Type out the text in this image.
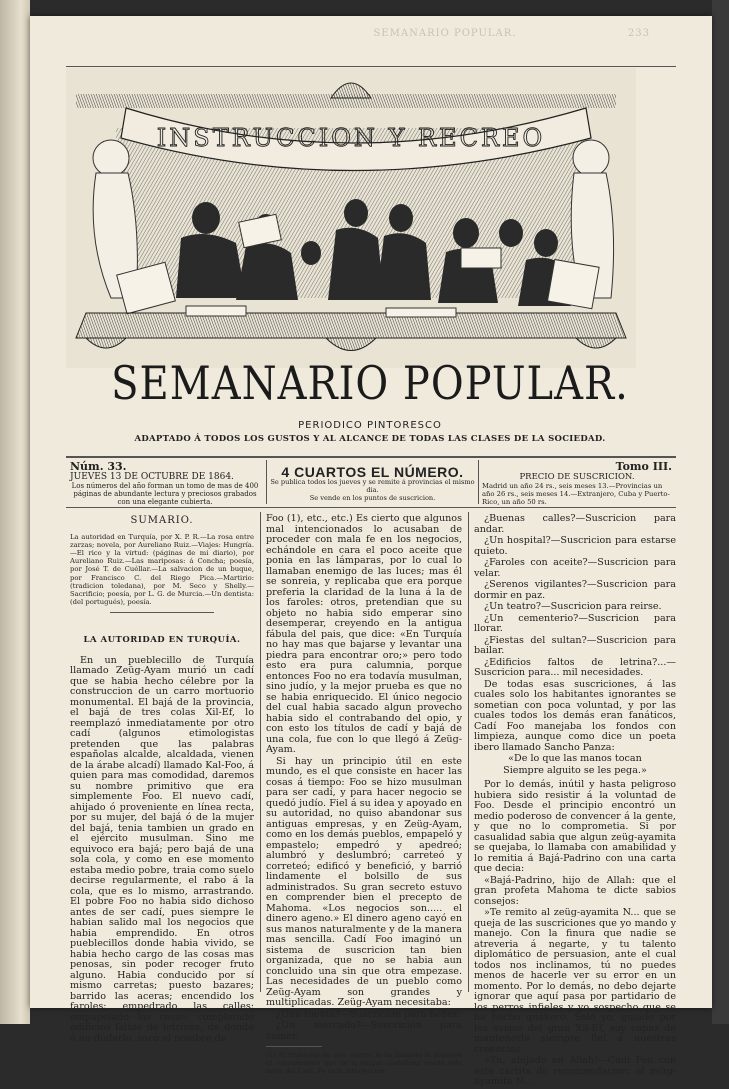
SEMANARIO POPULAR.	233
INSTRUCCION Y RECREO
SEMANARIO POPULAR.
PERIODICO PINTORESCO
ADAPTADO Á TODOS LOS GUSTOS Y AL ALCANCE DE TODAS LAS CLASES DE LA SOCIEDAD.
Núm. 33.
JUEVES 13 DE OCTUBRE DE 1864.
Los números del año forman un tomo de mas de 400 páginas de abundante lectura y preciosos grabados con una elegante cubierta.
4 CUARTOS EL NÚMERO.
Se publica todos los jueves y se remite á provincias el mismo dia.
Se vende en los puntos de suscricion.
Tomo III.
PRECIO DE SUSCRICION.
Madrid un año 24 rs., seis meses 13.—Provincias un año 26 rs., seis meses 14.—Extranjero, Cuba y Puerto-Rico, un año 50 rs.
SUMARIO.
La autoridad en Turquía, por X. P. R.—La rosa entre zarzas; novela, por Aureliano Ruiz.—Viajes: Hungría.—El rico y la virtud: (páginas de mi diario), por Aureliano Ruiz.—Las mariposas: á Concha; poesía, por José T. de Cuéllar.—La salvacion de un buque, por Francisco C. del Riego Pica.—Martirio: (tradicion toledana), por M. Seco y Shelly.—Sacrificio; poesía, por L. G. de Murcia.—Un dentista: (del portugués), poesía.
LA AUTORIDAD EN TURQUÍA.

En un pueblecillo de Turquía llamado Zeüg-Ayam murió un cadí que se habia hecho célebre por la construccion de un carro mortuorio monumental. El bajá de la provincia, el bajá de tres colas Xil-Ef, lo reemplazó inmediatamente por otro cadí (algunos etimologistas pretenden que las palabras españolas alcalde, alcaldada, vienen de la árabe alcadí) llamado Kal-Foo, á quien para mas comodidad, daremos su nombre primitivo que era simplemente Foo. El nuevo cadí, ahijado ó proveniente en línea recta, por su mujer, del bajá ó de la mujer del bajá, tenia tambien un grado en el ejército musulman. Sino me equivoco era bajá; pero bajá de una sola cola, y como en ese momento estaba medio pobre, traia como suelo decirse regularmente, el rabo á la cola, que es lo mismo, arrastrando. El pobre Foo no habia sido dichoso antes de ser cadí, pues siempre le habian salido mal los negocios que habia emprendido. En otros pueblecillos donde habia vivido, se habia hecho cargo de las cosas mas penosas, sin poder recoger fruto alguno. Habia conducido por sí mismo carretas; puesto bazares; barrido las aceras; encendido los faroles; empedrado las calles; empapelado las casas; completado edificios faltos de letrinas, de donde á no dudarlo, sacó el nombre de

Foo (1), etc., etc.) Es cierto que algunos mal intencionados lo acusaban de proceder con mala fe en los negocios, echándole en cara el poco aceite que ponia en las lámparas, por lo cual lo llamaban enemigo de las luces; mas él se sonreia, y replicaba que era porque preferia la claridad de la luna á la de los faroles: otros, pretendian que su objeto no habia sido emperar sino desemperar, creyendo en la antigua fábula del pais, que dice: «En Turquía no hay mas que bajarse y levantar una piedra para encontrar oro;» pero todo esto era pura calumnia, porque entonces Foo no era todavía musulman, sino judío, y la mejor prueba es que no se habia enriquecido. El único negocio del cual habia sacado algun provecho habia sido el contrabando del opio, y con esto los títulos de cadí y bajá de una cola, fue con lo que llegó á Zeüg-Ayam.

Si hay un principio útil en este mundo, es el que consiste en hacer las cosas á tiempo: Foo se hizo musulman para ser cadí, y para hacer negocio se quedó judío. Fiel á su idea y apoyado en su autoridad, no quiso abandonar sus antiguas empresas, y en Zeüg-Ayam, como en los demás pueblos, empapeló y empastelo; empedró y apedreó; alumbró y deslumbró; carreteó y correteó; edificó y benefició, y barrió lindamente el bolsillo de sus administrados. Su gran secreto estuvo en comprender bien el precepto de Mahoma. «Los negocios son..... el dinero ageno.» El dinero ageno cayó en sus manos naturalmente y de la manera mas sencilla. Cadí Foo imaginó un sistema de suscricion tan bien organizada, que no se habia aun concluido una sin que otra empezase. Las necesidades de un pueblo como Zeüg-Ayam son grandes y multiplicadas. Zeüg-Ayam necesitaba:

¿Una fuente?—Suscricion para beber.

¿Un mercado?—Suscricion para comer.

(1) Al traductor de este cuento le ha llamado la atencion el conocimiento que de la lengua castellana revela este moro del Cadí: Fo es la interjeccion.

¿Buenas calles?—Suscricion para andar.

¿Un hospital?—Suscricion para estarse quieto.

¿Faroles con aceite?—Suscricion para velar.

¿Serenos vigilantes?—Suscricion para dormir en paz.

¿Un teatro?—Suscricion para reirse.

¿Un cementerio?—Suscricion para llorar.

¿Fiestas del sultan?—Suscricion para bailar.

¿Edificios faltos de letrina?...—Suscricion para... mil necesidades.

De todas esas suscriciones, á las cuales solo los habitantes ignorantes se sometian con poca voluntad, y por las cuales todos los demás eran fanáticos, Cadí Foo manejaba los fondos con limpieza, aunque como dice un poeta ibero llamado Sancho Panza:

«De lo que las manos tocan

Siempre alguito se les pega.»

Por lo demás, inútil y hasta peligroso hubiera sido resistir á la voluntad de Foo. Desde el principio encontró un medio poderoso de convencer á la gente, y que no lo comprometia. Si por casualidad sabia que algun zeüg-ayamita se quejaba, lo llamaba con amabilidad y lo remitia á Bajá-Padrino con una carta que decia:

«Bajá-Padrino, hijo de Allah: que el gran profeta Mahoma te dicte sabios consejos:

»Te remito al zeüg-ayamita N... que se queja de las suscriciones que yo mando y manejo. Con la finura que nadie se atreveria á negarte, y tu talento diplomático de persuasion, ante el cual todos nos inclinamos, tú no puedes menos de hacerle ver su error en un momento. Por lo demás, no debo dejarte ignorar que aquí pasa por partidario de los perros infieles y yo sospecho que se ha hecho quákero. Solo yo, guiado por los avisos del gran Xil-Ef, soy capaz de mantenerla siempre fiel á nuestras creencias.

»Tu, ahijado en Allah!—Cadí Foo con esta cartita de recomendacion; el zeüg-ayamita N...
